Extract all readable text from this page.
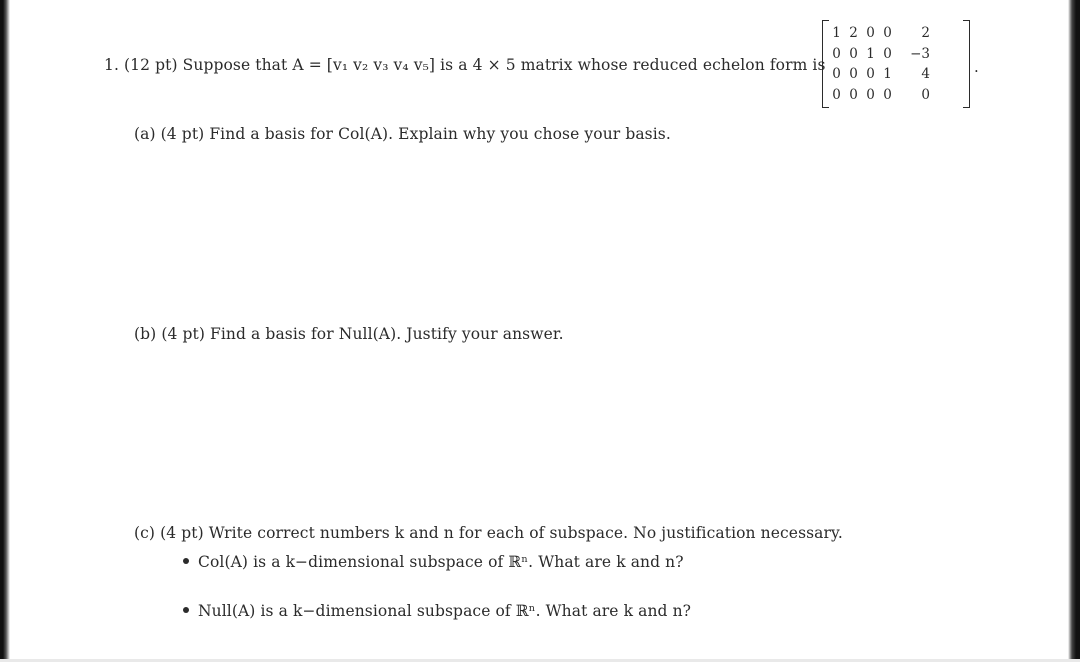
1. (12 pt) Suppose that A = [v₁ v₂ v₃ v₄ v₅] is a 4 × 5 matrix whose reduced echelon form is
1 2 0 0	2
0 0 1 0	−3
0 0 0 1	4
0 0 0 0	0
.
(a) (4 pt) Find a basis for Col(A). Explain why you chose your basis.
(b) (4 pt) Find a basis for Null(A). Justify your answer.
(c) (4 pt) Write correct numbers k and n for each of subspace. No justification necessary.
Col(A) is a k−dimensional subspace of ℝⁿ. What are k and n?
Null(A) is a k−dimensional subspace of ℝⁿ. What are k and n?
